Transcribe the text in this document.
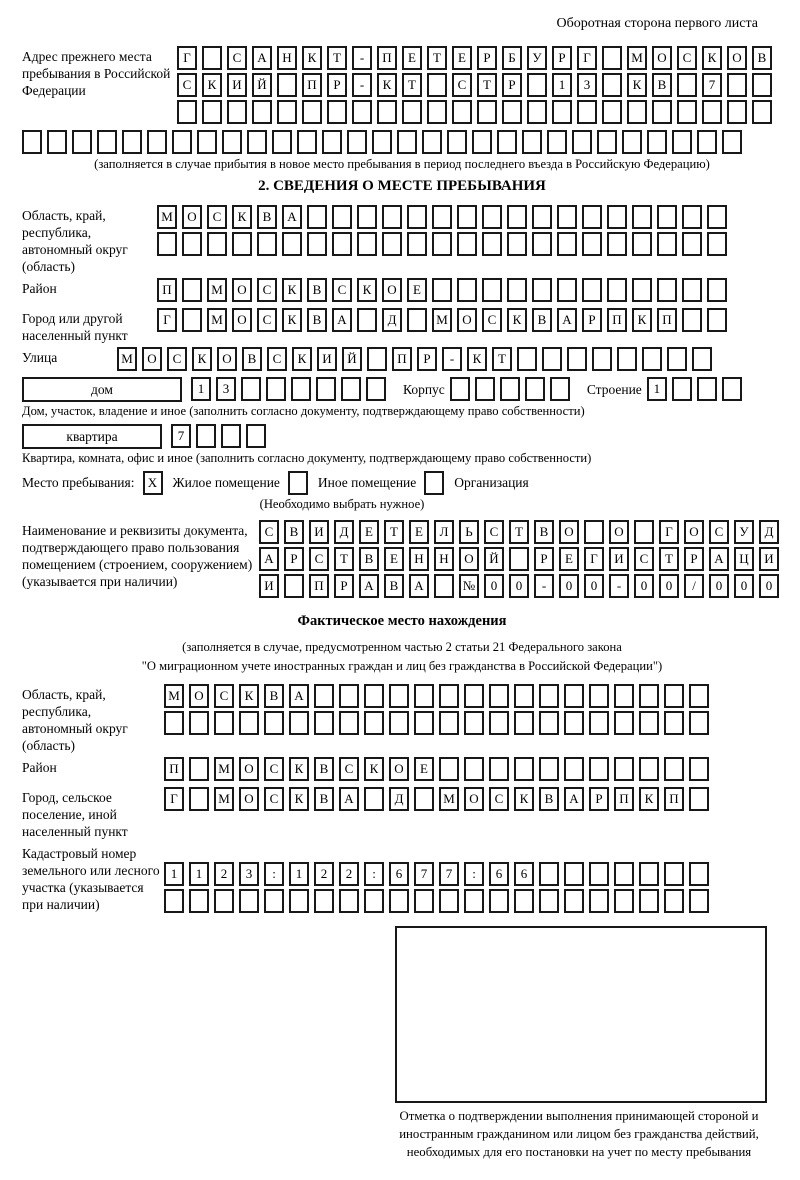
Оборотная сторона первого листа
Адрес прежнего места пребывания в Российской Федерации
Г	С А Н К Т - П Е Т Е Р Б У Р Г	М О С К О В
С К И Й	П Р - К Т	С Т Р	1 3	К В	7
(заполняется в случае прибытия в новое место пребывания в период последнего въезда в Российскую Федерацию)
2. СВЕДЕНИЯ О МЕСТЕ ПРЕБЫВАНИЯ
Область, край, республика, автономный округ (область)
М О С К В А
Район	П	М О С К В С К О Е
Город или другой населенный пункт
Г	М О С К В А	Д	М О С К В А Р П К П
Улица	М О С К О В С К И Й	П Р - К Т
дом	1 3	Корпус	Строение 1
Дом, участок, владение и иное (заполнить согласно документу, подтверждающему право собственности)
квартира	7
Квартира, комната, офис и иное (заполнить согласно документу, подтверждающему право собственности)
Место пребывания:	X	Жилое помещение	Иное помещение	Организация
(Необходимо выбрать нужное)
Наименование и реквизиты документа, подтверждающего право пользования помещением (строением, сооружением) (указывается при наличии)
С В И Д Е Т Е Л Ь С Т В О	О	Г О С У Д
А Р С Т В Е Н Н О Й	Р Е Г И С Т Р А Ц И
И	П Р А В А	№ 0 0 - 0 0 - 0 0 / 0 0 0
Фактическое место нахождения
(заполняется в случае, предусмотренном частью 2 статьи 21 Федерального закона
"О миграционном учете иностранных граждан и лиц без гражданства в Российской Федерации")
Область, край, республика, автономный округ (область)
М О С К В А
Район	П	М О С К В С К О Е
Город, сельское поселение, иной населенный пункт
Г	М О С К В А	Д	М О С К В А Р П К П
Кадастровый номер земельного или лесного участка (указывается при наличии)
1 1 2 3 : 1 2 2 : 6 7 7 : 6 6
Отметка о подтверждении выполнения принимающей стороной и иностранным гражданином или лицом без гражданства действий, необходимых для его постановки на учет по месту пребывания
